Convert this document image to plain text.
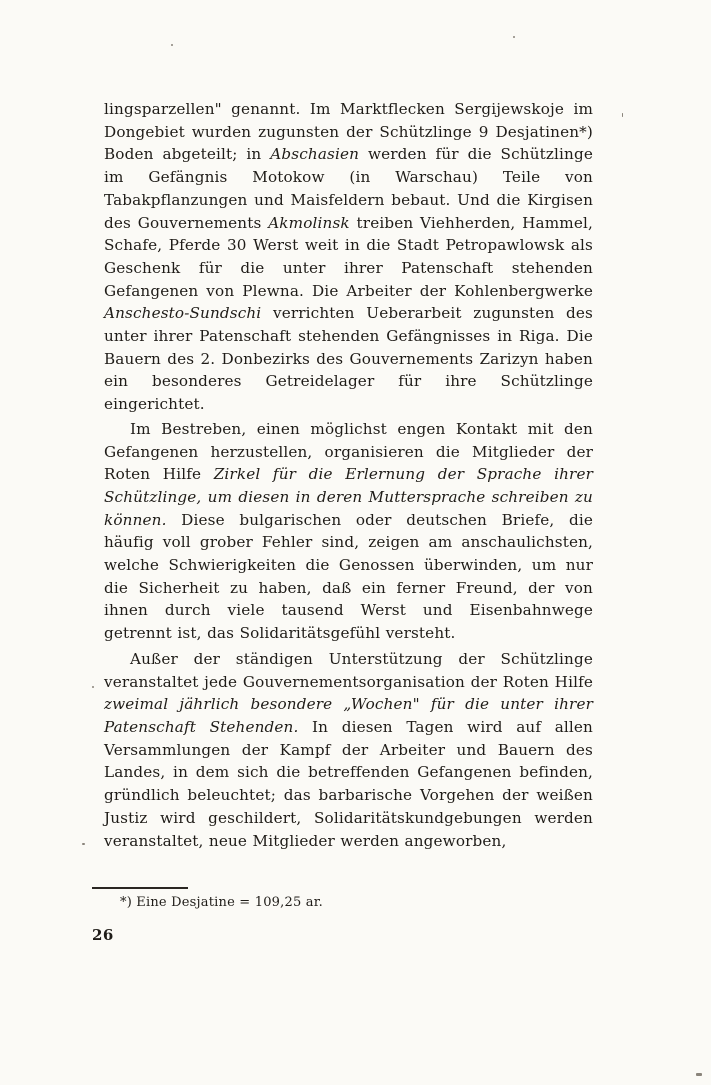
lingsparzellen" genannt. Im Marktflecken Sergijewskoje im Dongebiet wurden zugunsten der Schützlinge 9 Desjatinen*) Boden abgeteilt; in Abschasien werden für die Schützlinge im Gefängnis Motokow (in Warschau) Teile von Tabakpflanzungen und Maisfeldern bebaut. Und die Kirgisen des Gouvernements Akmolinsk treiben Viehherden, Hammel, Schafe, Pferde 30 Werst weit in die Stadt Petropawlowsk als Geschenk für die unter ihrer Patenschaft stehenden Gefangenen von Plewna. Die Arbeiter der Kohlenbergwerke Anschesto-Sundschi verrichten Ueberarbeit zugunsten des unter ihrer Patenschaft stehenden Gefängnisses in Riga. Die Bauern des 2. Donbezirks des Gouvernements Zarizyn haben ein besonderes Getreidelager für ihre Schützlinge eingerichtet.

Im Bestreben, einen möglichst engen Kontakt mit den Gefangenen herzustellen, organisieren die Mitglieder der Roten Hilfe Zirkel für die Erlernung der Sprache ihrer Schützlinge, um diesen in deren Muttersprache schreiben zu können. Diese bulgarischen oder deutschen Briefe, die häufig voll grober Fehler sind, zeigen am anschaulichsten, welche Schwierigkeiten die Genossen überwinden, um nur die Sicherheit zu haben, daß ein ferner Freund, der von ihnen durch viele tausend Werst und Eisenbahnwege getrennt ist, das Solidaritätsgefühl versteht.

Außer der ständigen Unterstützung der Schützlinge veranstaltet jede Gouvernementsorganisation der Roten Hilfe zweimal jährlich besondere „Wochen" für die unter ihrer Patenschaft Stehenden. In diesen Tagen wird auf allen Versammlungen der Kampf der Arbeiter und Bauern des Landes, in dem sich die betreffenden Gefangenen befinden, gründlich beleuchtet; das barbarische Vorgehen der weißen Justiz wird geschildert, Solidaritätskundgebungen werden veranstaltet, neue Mitglieder werden angeworben,

*) Eine Desjatine = 109,25 ar.
26
